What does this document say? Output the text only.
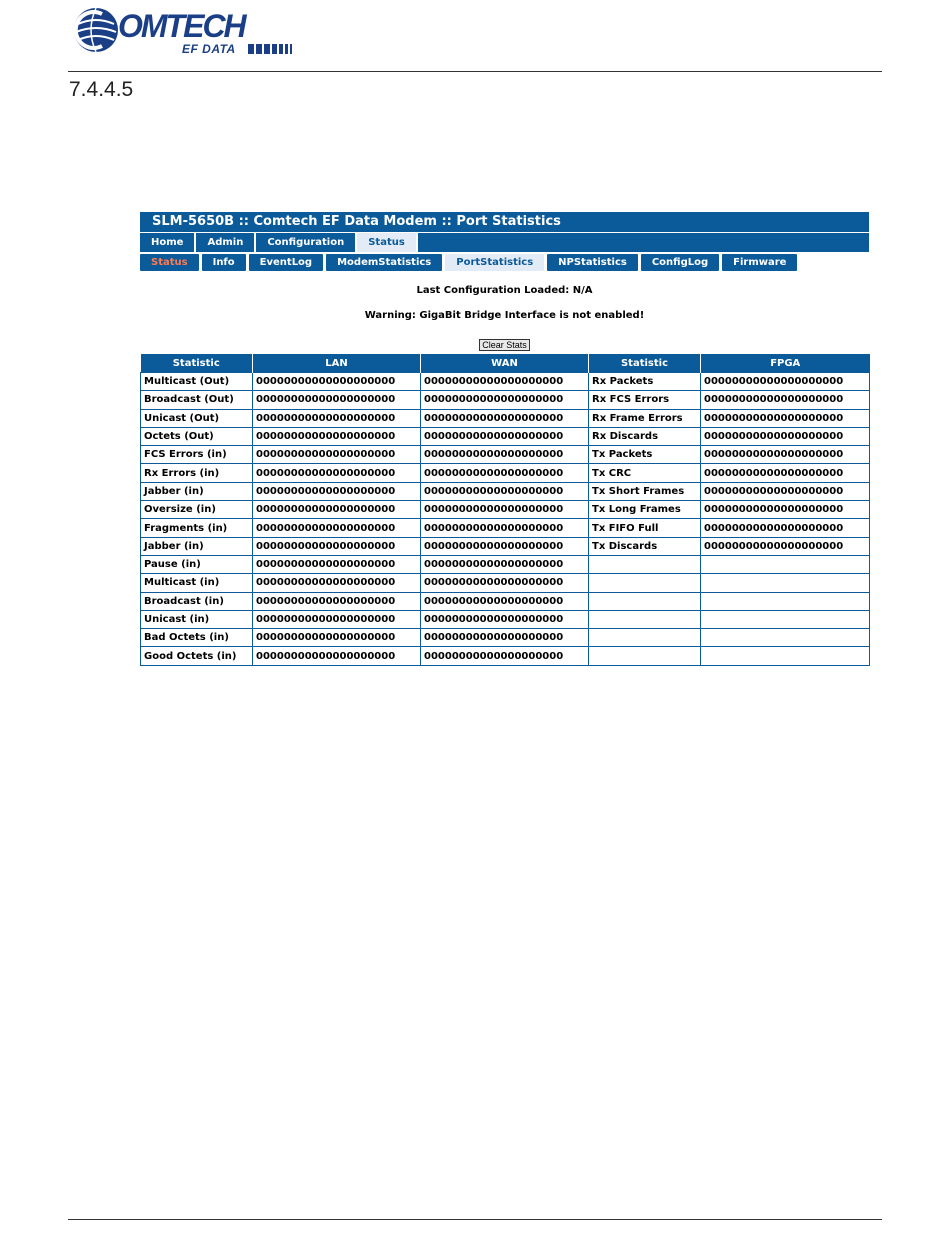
OMTECH
EF DATA
7.4.4.5
SLM-5650B :: Comtech EF Data Modem :: Port Statistics
Home	Admin	Configuration	Status
Status	Info	EventLog	ModemStatistics	PortStatistics	NPStatistics	ConfigLog	Firmware
Last Configuration Loaded: N/A
Warning: GigaBit Bridge Interface is not enabled!
Clear Stats
Statistic	LAN	WAN	Statistic	FPGA
Multicast (Out)	00000000000000000000	00000000000000000000	Rx Packets	00000000000000000000
Broadcast (Out)	00000000000000000000	00000000000000000000	Rx FCS Errors	00000000000000000000
Unicast (Out)	00000000000000000000	00000000000000000000	Rx Frame Errors	00000000000000000000
Octets (Out)	00000000000000000000	00000000000000000000	Rx Discards	00000000000000000000
FCS Errors (in)	00000000000000000000	00000000000000000000	Tx Packets	00000000000000000000
Rx Errors (in)	00000000000000000000	00000000000000000000	Tx CRC	00000000000000000000
Jabber (in)	00000000000000000000	00000000000000000000	Tx Short Frames	00000000000000000000
Oversize (in)	00000000000000000000	00000000000000000000	Tx Long Frames	00000000000000000000
Fragments (in)	00000000000000000000	00000000000000000000	Tx FIFO Full	00000000000000000000
Jabber (in)	00000000000000000000	00000000000000000000	Tx Discards	00000000000000000000
Pause (in)	00000000000000000000	00000000000000000000		
Multicast (in)	00000000000000000000	00000000000000000000		
Broadcast (in)	00000000000000000000	00000000000000000000		
Unicast (in)	00000000000000000000	00000000000000000000		
Bad Octets (in)	00000000000000000000	00000000000000000000		
Good Octets (in)	00000000000000000000	00000000000000000000		
